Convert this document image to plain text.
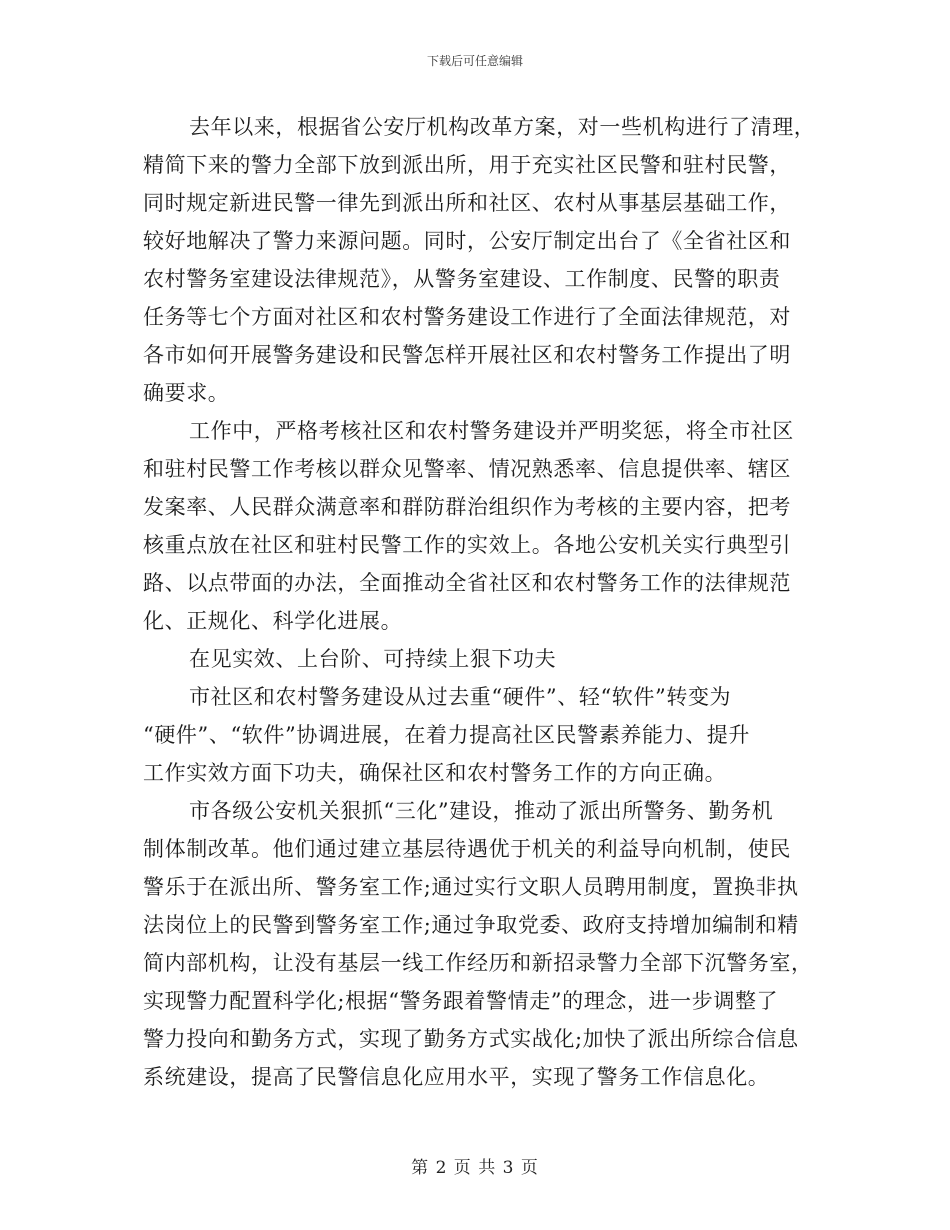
下载后可任意编辑
去年以来，根据省公安厅机构改革方案，对一些机构进行了清理，
精简下来的警力全部下放到派出所，用于充实社区民警和驻村民警，
同时规定新进民警一律先到派出所和社区、农村从事基层基础工作，
较好地解决了警力来源问题。同时，公安厅制定出台了《全省社区和
农村警务室建设法律规范》，从警务室建设、工作制度、民警的职责
任务等七个方面对社区和农村警务建设工作进行了全面法律规范，对
各市如何开展警务建设和民警怎样开展社区和农村警务工作提出了明
确要求。
工作中，严格考核社区和农村警务建设并严明奖惩，将全市社区
和驻村民警工作考核以群众见警率、情况熟悉率、信息提供率、辖区
发案率、人民群众满意率和群防群治组织作为考核的主要内容，把考
核重点放在社区和驻村民警工作的实效上。各地公安机关实行典型引
路、以点带面的办法，全面推动全省社区和农村警务工作的法律规范
化、正规化、科学化进展。
在见实效、上台阶、可持续上狠下功夫
市社区和农村警务建设从过去重“硬件”、轻“软件”转变为
“硬件”、“软件”协调进展，在着力提高社区民警素养能力、提升
工作实效方面下功夫，确保社区和农村警务工作的方向正确。
市各级公安机关狠抓“三化”建设，推动了派出所警务、勤务机
制体制改革。他们通过建立基层待遇优于机关的利益导向机制，使民
警乐于在派出所、警务室工作;通过实行文职人员聘用制度，置换非执
法岗位上的民警到警务室工作;通过争取党委、政府支持增加编制和精
简内部机构，让没有基层一线工作经历和新招录警力全部下沉警务室，
实现警力配置科学化;根据“警务跟着警情走”的理念，进一步调整了
警力投向和勤务方式，实现了勤务方式实战化;加快了派出所综合信息
系统建设，提高了民警信息化应用水平，实现了警务工作信息化。
第 2 页 共 3 页
